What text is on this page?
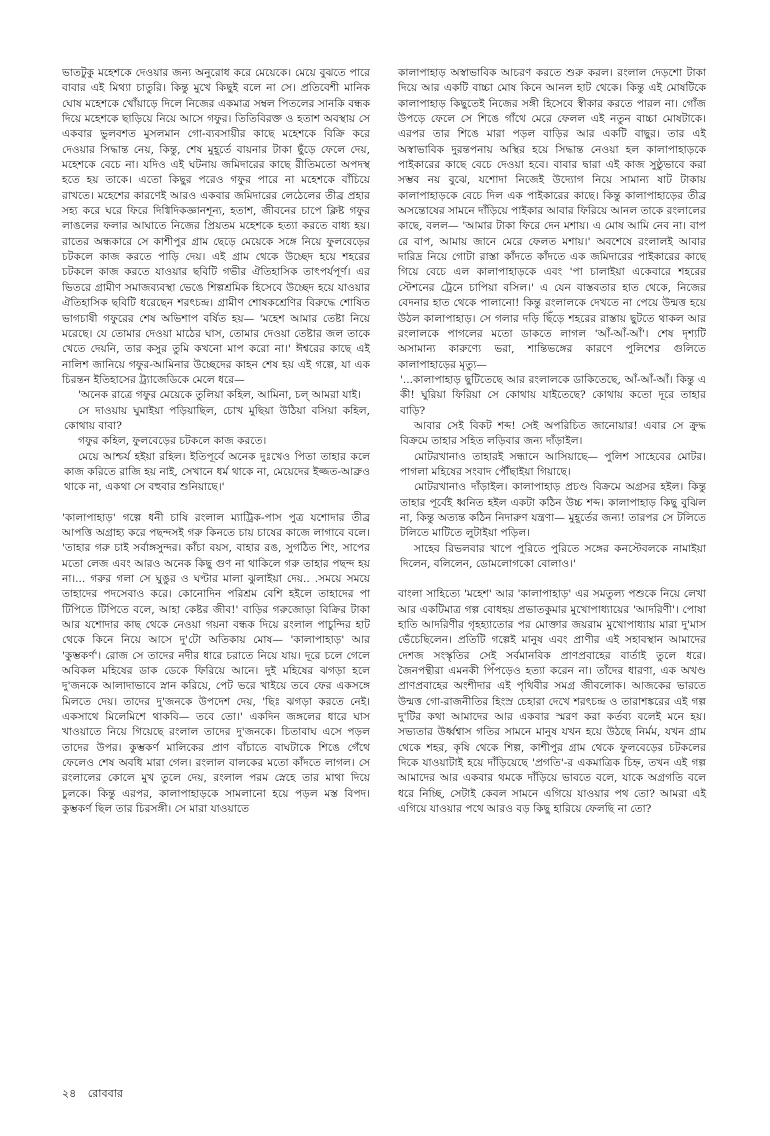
ভাতটুকু মহেশকে দেওয়ার জন্য অনুরোধ করে মেয়েকে। মেয়ে বুঝতে পারে বাবার এই মিথ্যা চাতুরি। কিন্তু মুখে কিছুই বলে না সে। প্রতিবেশী মানিক ঘোষ মহেশকে খোঁয়াড়ে দিলে নিজের একমাত্র সম্বল পিতলের সানকি বন্ধক দিয়ে মহেশকে ছাড়িয়ে নিয়ে আসে গফুর। তিতিবিরক্ত ও হতাশ অবস্থায় সে একবার ভুলবশত মুসলমান গো-ব্যবসায়ীর কাছে মহেশকে বিক্রি করে দেওয়ার সিদ্ধান্ত নেয়, কিন্তু, শেষ মুহূর্তে বায়নার টাকা ছুঁড়ে ফেলে দেয়, মহেশকে বেচে না। যদিও এই ঘটনায় জমিদারের কাছে রীতিমতো অপদস্থ হতে হয় তাকে। এতো কিছুর পরেও গফুর পারে না মহেশকে বাঁচিয়ে রাখতে। মহেশের কারণেই আরও একবার জমিদারের লেঠেলের তীব্র প্রহার সহ্য করে ঘরে ফিরে দিগ্বিদিকজ্ঞানশূন্য, হতাশ, জীবনের চাপে ক্লিষ্ট গফুর লাঙলের ফলার আঘাতে নিজের প্রিয়তম মহেশকে হত্যা করতে বাধ্য হয়। রাতের অন্ধকারে সে কাশীপুর গ্রাম ছেড়ে মেয়েকে সঙ্গে নিয়ে ফুলবেড়ের চটকলে কাজ করতে পাড়ি দেয়। এই গ্রাম থেকে উচ্ছেদ হয়ে শহরের চটকলে কাজ করতে যাওয়ার ছবিটি গভীর ঐতিহাসিক তাৎপর্যপূর্ণ। এর ভিতরে গ্রামীণ সমাজব্যবস্থা ভেঙে শিল্পশ্রমিক হিসেবে উচ্ছেদ হয়ে যাওয়ার ঐতিহাসিক ছবিটি ধরেছেন শরৎচন্দ্র। গ্রামীণ শোষকশ্রেণির বিরুদ্ধে শোষিত ভাগচাষী গফুরের শেষ অভিশাপ বর্ষিত হয়— 'মহেশ আমার তেষ্টা নিয়ে মরেছে। যে তোমার দেওয়া মাঠের ঘাস, তোমার দেওয়া তেষ্টার জল তাকে খেতে দেয়নি, তার কসুর তুমি কখনো মাপ করো না।' ঈশ্বরের কাছে এই নালিশ জানিয়ে গফুর-আমিনার উচ্ছেদের কাহন শেষ হয় এই গল্পে, যা এক চিরন্তন ইতিহাসের ট্র্যাজেডিকে মেলে ধরে—

'অনেক রাত্রে গফুর মেয়েকে তুলিয়া কহিল, আমিনা, চল্‌ আমরা যাই।

সে দাওয়ায় ঘুমাইয়া পড়িয়াছিল, চোখ মুছিয়া উঠিয়া বসিয়া কহিল, কোথায় বাবা?

গফুর কহিল, ফুলবেড়ের চটকলে কাজ করতে।

মেয়ে আশ্চর্য হইয়া রহিল। ইতিপূর্বে অনেক দুঃখেও পিতা তাহার কলে কাজ করিতে রাজি হয় নাই, সেখানে ধর্ম থাকে না, মেয়েদের ইজ্জত-আব্রুও থাকে না, একথা সে বহুবার শুনিয়াছে।'

'কালাপাহাড়' গল্পে ধনী চাষি রংলাল ম্যাট্রিক-পাস পুত্র যশোদার তীব্র আপত্তি অগ্রাহ্য করে পছন্দসই গরু কিনতে চায় চাষের কাজে লাগাবে বলে। 'তাহার গরু চাই সর্বাঙ্গসুন্দর। কাঁচা বয়স, বাহার রঙ, সুগঠিত শিং, সাপের মতো লেজ এবং আরও অনেক কিছু গুণ না থাকিলে গরু তাহার পছন্দ হয় না।... গরুর গলা সে ঘুঙুর ও ঘণ্টার মালা ঝুলাইয়া দেয়.. .সময়ে সময়ে তাহাদের পদসেবাও করে। কোনোদিন পরিশ্রম বেশি হইলে তাহাদের পা টিপিতে টিপিতে বলে, আহা কেষ্টর জীব!' বাড়ির গরুজোড়া বিক্রির টাকা আর যশোদার কাছ থেকে নেওয়া গয়না বন্ধক দিয়ে রংলাল পাচুন্দির হাট থেকে কিনে নিয়ে আসে দু'টো অতিকায় মোষ— 'কালাপাহাড়' আর 'কুম্ভকর্ণ'। রোজ সে তাদের নদীর ধারে চরাতে নিয়ে যায়। দূরে চলে গেলে অবিকল মহিষের ডাক ডেকে ফিরিয়ে আনে। দুই মহিষের ঝগড়া হলে দু'জনকে আলাদাভাবে স্নান করিয়ে, পেট ভরে খাইয়ে তবে ফের একসঙ্গে মিলতে দেয়। তাদের দু'জনকে উপদেশ দেয়, 'ছিঃ ঝগড়া করতে নেই। একসাথে মিলেমিশে থাকবি— তবে তো।' একদিন জঙ্গলের ধারে ঘাস খাওয়াতে নিয়ে গিয়েছে রংলাল তাদের দু'জনকে। চিতাবাঘ এসে পড়ল তাদের উপর। কুম্ভকর্ণ মালিকের প্রাণ বাঁচাতে বাঘটাকে শিঙে গেঁথে ফেলেও শেষ অবধি মারা গেল। রংলাল বালকের মতো কাঁদতে লাগল। সে রংলালের কোলে মুখ তুলে দেয়, রংলাল পরম স্নেহে তার মাথা দিয়ে চুলকে। কিন্তু এরপর, কালাপাহাড়কে সামলানো হয়ে পড়ল মস্ত বিপদ। কুম্ভকর্ণ ছিল তার চিরসঙ্গী। সে মারা যাওয়াতে

কালাপাহাড় অস্বাভাবিক আচরণ করতে শুরু করল। রংলাল দেড়শো টাকা দিয়ে আর একটি বাচ্চা মোষ কিনে আনল হাট থেকে। কিন্তু এই মোষটিকে কালাপাহাড় কিছুতেই নিজের সঙ্গী হিসেবে স্বীকার করতে পারল না। গোঁজ উপড়ে ফেলে সে শিঙে গাঁথে মেরে ফেলল এই নতুন বাচ্চা মোষটাকে। এরপর তার শিঙে মারা পড়ল বাড়ির আর একটি বাছুর। তার এই অস্বাভাবিক দুরন্তপনায় অস্থির হয়ে সিদ্ধান্ত নেওয়া হল কালাপাহাড়কে পাইকারের কাছে বেচে দেওয়া হবে। বাবার দ্বারা এই কাজ সুষ্ঠুভাবে করা সম্ভব নয় বুঝে, যশোদা নিজেই উদ্যোগ নিয়ে সামান্য ষাট টাকায় কালাপাহাড়কে বেচে দিল এক পাইকারের কাছে। কিন্তু কালাপাহাড়ের তীব্র অসন্তোষের সামনে দাঁড়িয়ে পাইকার আবার ফিরিয়ে আনল তাকে রংলালের কাছে, বলল— 'আমার টাকা ফিরে দেন মশায়। এ মোষ আমি নেব না। বাপ রে বাপ, আমায় জানে মেরে ফেলত মশায়।' অবশেষে রংলালই আবার দারিদ্র নিয়ে গোটা রাস্তা কাঁদতে কাঁদতে এক জমিদারের পাইকারের কাছে গিয়ে বেচে এল কালাপাহাড়কে এবং 'পা চালাইয়া একেবারে শহরের স্টেশনের ট্রেনে চাপিয়া বসিল।' এ যেন বাস্তবতার হাত থেকে, নিজের বেদনার হাত থেকে পালানো! কিন্তু রংলালকে দেখতে না পেয়ে উন্মত্ত হয়ে উঠল কালাপাহাড়। সে গলার দড়ি ছিঁড়ে শহরের রাস্তায় ছুটতে থাকল আর রংলালকে পাগলের মতো ডাকতে লাগল 'আঁ-আঁ-আঁ'। শেষ দৃশ্যটি অসামান্য কারুণ্যে ভরা, শান্তিভঙ্গের কারণে পুলিশের গুলিতে কালাপাহাড়ের মৃত্যু—

'...কালাপাহাড় ছুটিতেছে আর রংলালকে ডাকিতেছে, আঁ-আঁ-আঁ। কিন্তু এ কী! ঘুরিয়া ফিরিয়া সে কোথায় যাইতেছে? কোথায় কতো দূরে তাহার বাড়ি?

আবার সেই বিকট শব্দ! সেই অপরিচিত জানোয়ার! এবার সে ক্রুদ্ধ বিক্রমে তাহার সহিত লড়িবার জন্য দাঁড়াইল।

মোটরখানাও তাহারই সন্ধানে আসিয়াছে— পুলিশ সাহেবের মোটর। পাগলা মহিষের সংবাদ পৌঁছাইয়া গিয়াছে।

মোটরখানাও দাঁড়াইল। কালাপাহাড় প্রচণ্ড বিক্রমে অগ্রসর হইল। কিন্তু তাহার পূর্বেই ধ্বনিত হইল একটা কঠিন উচ্চ শব্দ। কালাপাহাড় কিছু বুঝিল না, কিন্তু অত্যন্ত কঠিন নিদারুণ যন্ত্রণা— মুহূর্তের জন্য! তারপর সে টলিতে টলিতে মাটিতে লুটাইয়া পড়িল।

সাহেব রিভলবার খাপে পুরিতে পুরিতে সঙ্গের কনস্টেবলকে নামাইয়া দিলেন, বলিলেন, ডোমলোগকো বোলাও।'

বাংলা সাহিত্যে 'মহেশ' আর 'কালাপাহাড়' এর সমতুল্য পশুকে নিয়ে লেখা আর একটিমাত্র গল্প বোধহয় প্রভাতকুমার মুখোপাধ্যায়ের 'আদরিণী'। পোষা হাতি আদরিণীর গৃহহ্যাতোর পর মোক্তার জয়রাম মুখোপাধ্যায় মারা দু'মাস ভেঁচেছিলেন। প্রতিটি গল্পেই মানুষ এবং প্রাণীর এই সহাবস্থান আমাদের দেশজ সংস্কৃতির সেই সর্বমানবিক প্রাণপ্রবাহের বার্তাই তুলে ধরে। জৈনপন্থীরা এমনকী পিঁপড়েও হত্যা করেন না। তাঁদের ধারণা, এক অখণ্ড প্রাণপ্রবাহের অংশীদার এই পৃথিবীর সমগ্র জীবলোক। আজকের ভারতে উন্মত্ত গো-রাজনীতির হিংস্র চেহারা দেখে শরৎচন্দ্র ও তারাশঙ্করের এই গল্প দু'টির কথা আমাদের আর একবার স্মরণ করা কর্তব্য বলেই মনে হয়। সভ্যতার উর্ধ্বশ্বাস গতির সামনে মানুষ যখন হয়ে উঠছে নির্মম, যখন গ্রাম থেকে শহর, কৃষি থেকে শিল্প, কাশীপুর গ্রাম থেকে ফুলবেড়ের চটকলের দিকে যাওয়াটাই হয়ে দাঁড়িয়েছে 'প্রগতি'-র একমাত্রিক চিহ্ন, তখন এই গল্প আমাদের আর একবার থমকে দাঁড়িয়ে ভাবতে বলে, যাকে অগ্রগতি বলে ধরে নিচ্ছি, সেটাই কেবল সামনে এগিয়ে যাওয়ার পথ তো? আমরা এই এগিয়ে যাওয়ার পথে আরও বড় কিছু হারিয়ে ফেলছি না তো?

২৪ রোববার
